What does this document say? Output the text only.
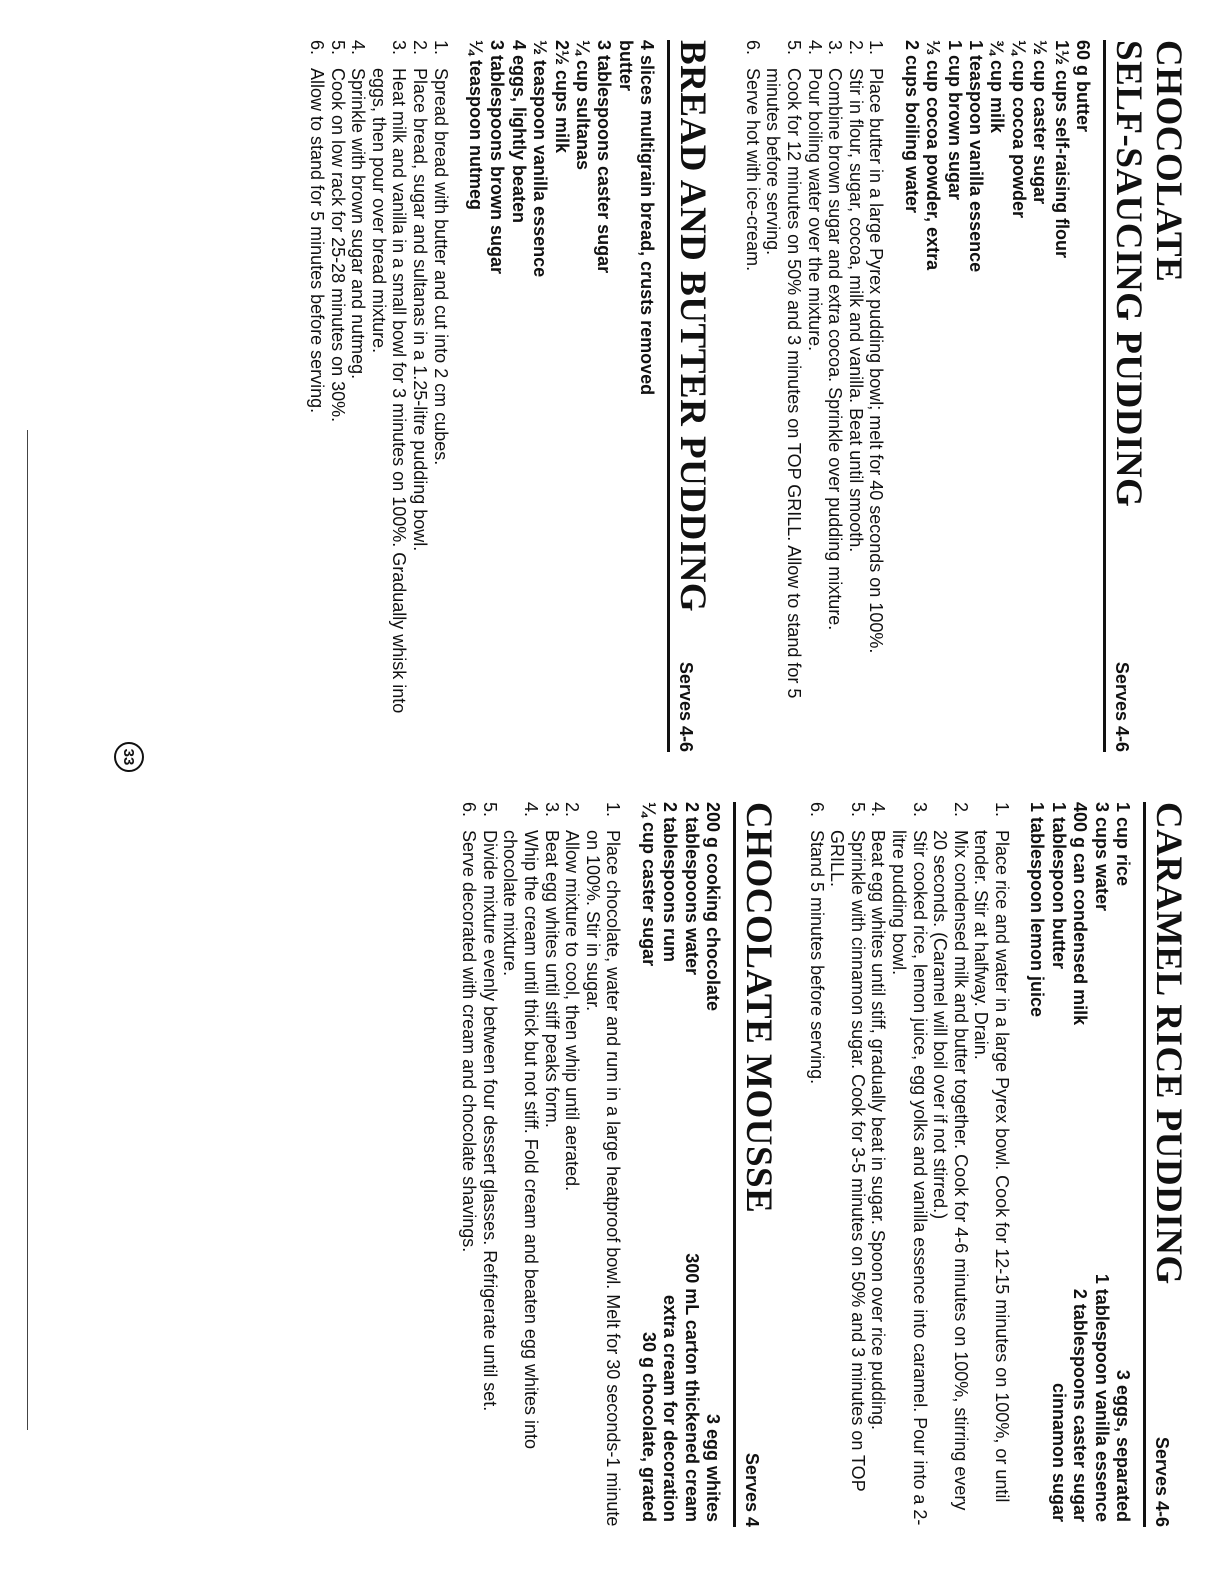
CHOCOLATE
SELF-SAUCING PUDDING
Serves 4-6
60 g butter
1½ cups self-raising flour
½ cup caster sugar
¼ cup cocoa powder
¾ cup milk
1 teaspoon vanilla essence
1 cup brown sugar
⅓ cup cocoa powder, extra
2 cups boiling water
1.
Place butter in a large Pyrex pudding bowl; melt for 40 seconds on 100%.
2.
Stir in flour, sugar, cocoa, milk and vanilla. Beat until smooth.
3.
Combine brown sugar and extra cocoa. Sprinkle over pudding mixture.
4.
Pour boiling water over the mixture.
5.
Cook for 12 minutes on 50% and 3 minutes on TOP GRILL. Allow to stand for 5 minutes before serving.
6.
Serve hot with ice-cream.
BREAD AND BUTTER PUDDING
Serves 4-6
4 slices multigrain bread, crusts removed
butter
3 tablespoons caster sugar
¼ cup sultanas
2½ cups milk
½ teaspoon vanilla essence
4 eggs, lightly beaten
3 tablespoons brown sugar
¼ teaspoon nutmeg
1.
Spread bread with butter and cut into 2 cm cubes.
2.
Place bread, sugar and sultanas in a 1.25-litre pudding bowl.
3.
Heat milk and vanilla in a small bowl for 3 minutes on 100%. Gradually whisk into eggs, then pour over bread mixture.
4.
Sprinkle with brown sugar and nutmeg.
5.
Cook on low rack for 25-28 minutes on 30%.
6.
Allow to stand for 5 minutes before serving.
33
CARAMEL RICE PUDDING
Serves 4-6
1 cup rice
3 cups water
400 g can condensed milk
1 tablespoon butter
1 tablespoon lemon juice
3 eggs, separated
1 tablespoon vanilla essence
2 tablespoons caster sugar
cinnamon sugar
1.
Place rice and water in a large Pyrex bowl. Cook for 12-15 minutes on 100%, or until tender. Stir at halfway. Drain.
2.
Mix condensed milk and butter together. Cook for 4-6 minutes on 100%, stirring every 20 seconds. (Caramel will boil over if not stirred.)
3.
Stir cooked rice, lemon juice, egg yolks and vanilla essence into caramel. Pour into a 2-litre pudding bowl.
4.
Beat egg whites until stiff, gradually beat in sugar. Spoon over rice pudding.
5.
Sprinkle with cinnamon sugar. Cook for 3-5 minutes on 50% and 3 minutes on TOP GRILL.
6.
Stand 5 minutes before serving.
CHOCOLATE MOUSSE
Serves 4
200 g cooking chocolate
2 tablespoons water
2 tablespoons rum
¼ cup caster sugar
3 egg whites
300 mL carton thickened cream
extra cream for decoration
30 g chocolate, grated
1.
Place chocolate, water and rum in a large heatproof bowl. Melt for 30 seconds-1 minute on 100%. Stir in sugar.
2.
Allow mixture to cool, then whip until aerated.
3.
Beat egg whites until stiff peaks form.
4.
Whip the cream until thick but not stiff. Fold cream and beaten egg whites into chocolate mixture.
5.
Divide mixture evenly between four dessert glasses. Refrigerate until set.
6.
Serve decorated with cream and chocolate shavings.
